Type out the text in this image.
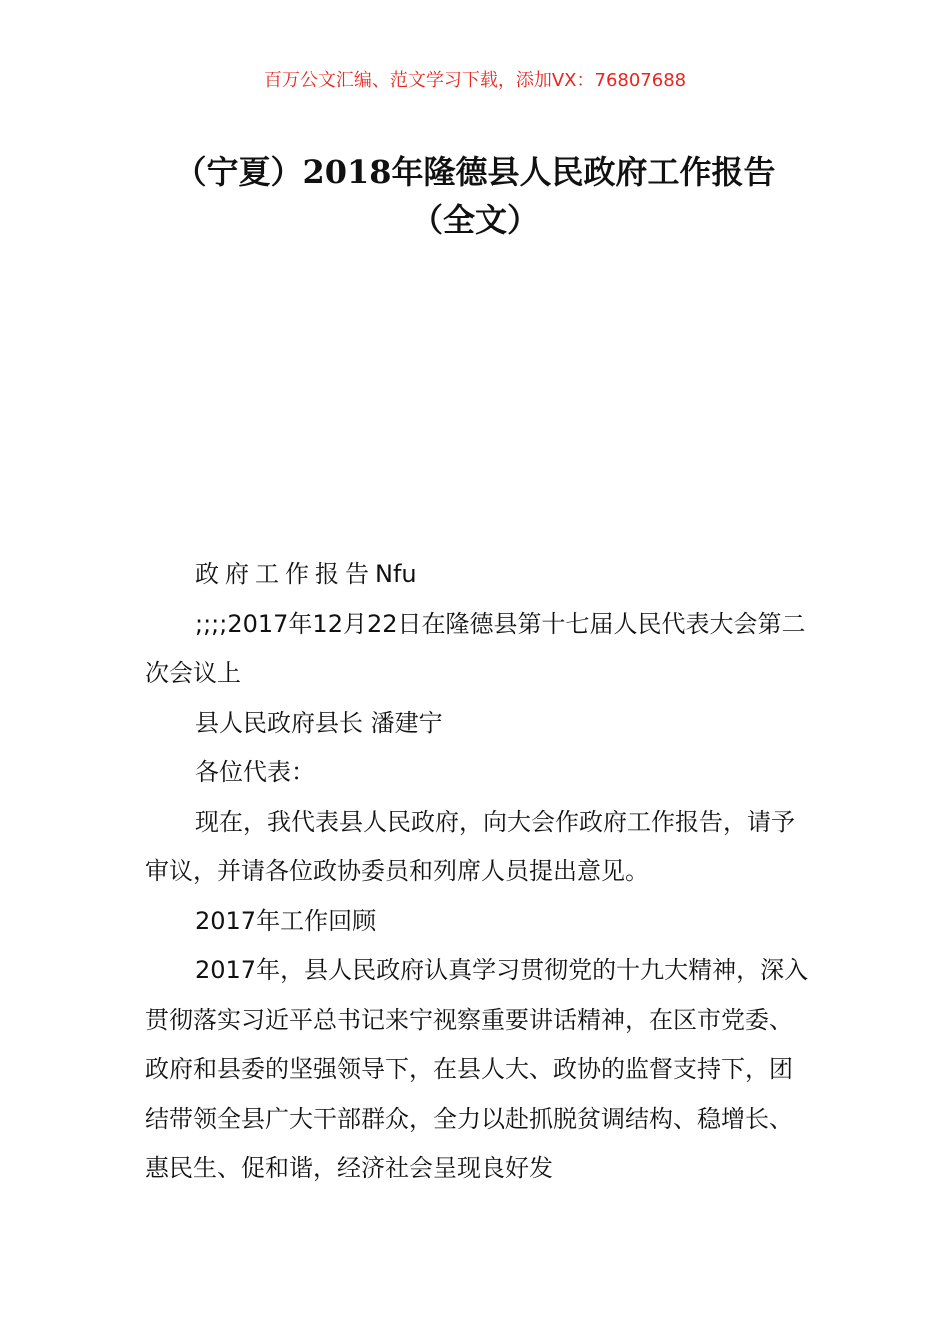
百万公文汇编、范文学习下载，添加VX：76807688
（宁夏）2018年隆德县人民政府工作报告
（全文）

政府工作报告Nfu

;;;;2017年12月22日在隆德县第十七届人民代表大会第二次会议上

县人民政府县长 潘建宁

各位代表：

现在，我代表县人民政府，向大会作政府工作报告，请予审议，并请各位政协委员和列席人员提出意见。

2017年工作回顾

2017年，县人民政府认真学习贯彻党的十九大精神，深入贯彻落实习近平总书记来宁视察重要讲话精神，在区市党委、政府和县委的坚强领导下，在县人大、政协的监督支持下，团结带领全县广大干部群众，全力以赴抓脱贫调结构、稳增长、惠民生、促和谐，经济社会呈现良好发
